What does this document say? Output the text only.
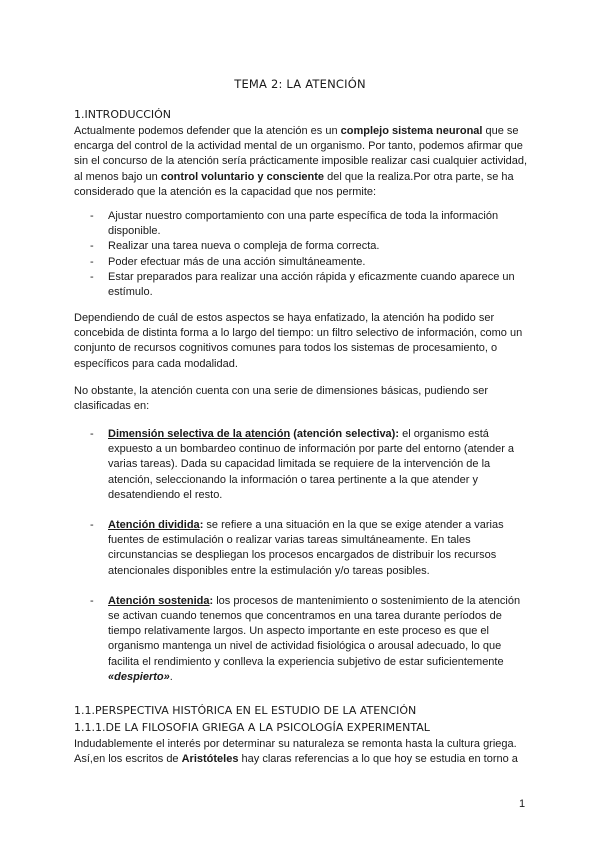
TEMA 2: LA ATENCIÓN
1.INTRODUCCIÓN

Actualmente podemos defender que la atención es un complejo sistema neuronal que se encarga del control de la actividad mental de un organismo. Por tanto, podemos afirmar que sin el concurso de la atención sería prácticamente imposible realizar casi cualquier actividad, al menos bajo un control voluntario y consciente del que la realiza.Por otra parte, se ha considerado que la atención es la capacidad que nos permite:

- Ajustar nuestro comportamiento con una parte específica de toda la información disponible.
- Realizar una tarea nueva o compleja de forma correcta.
- Poder efectuar más de una acción simultáneamente.
- Estar preparados para realizar una acción rápida y eficazmente cuando aparece un estímulo.

Dependiendo de cuál de estos aspectos se haya enfatizado, la atención ha podido ser concebida de distinta forma a lo largo del tiempo: un filtro selectivo de información, como un conjunto de recursos cognitivos comunes para todos los sistemas de procesamiento, o específicos para cada modalidad.

No obstante, la atención cuenta con una serie de dimensiones básicas, pudiendo ser clasificadas en:

- Dimensión selectiva de la atención (atención selectiva): el organismo está expuesto a un bombardeo continuo de información por parte del entorno (atender a varias tareas). Dada su capacidad limitada se requiere de la intervención de la atención, seleccionando la información o tarea pertinente a la que atender y desatendiendo el resto.
- Atención dividida: se refiere a una situación en la que se exige atender a varias fuentes de estimulación o realizar varias tareas simultáneamente. En tales circunstancias se despliegan los procesos encargados de distribuir los recursos atencionales disponibles entre la estimulación y/o tareas posibles.
- Atención sostenida: los procesos de mantenimiento o sostenimiento de la atención se activan cuando tenemos que concentramos en una tarea durante períodos de tiempo relativamente largos. Un aspecto importante en este proceso es que el organismo mantenga un nivel de actividad fisiológica o arousal adecuado, lo que facilita el rendimiento y conlleva la experiencia subjetivo de estar suficientemente «despierto».
1.1.PERSPECTIVA HISTÓRICA EN EL ESTUDIO DE LA ATENCIÓN
1.1.1.DE LA FILOSOFIA GRIEGA A LA PSICOLOGÍA EXPERIMENTAL

Indudablemente el interés por determinar su naturaleza se remonta hasta la cultura griega. Así,en los escritos de Aristóteles hay claras referencias a lo que hoy se estudia en torno a

1
